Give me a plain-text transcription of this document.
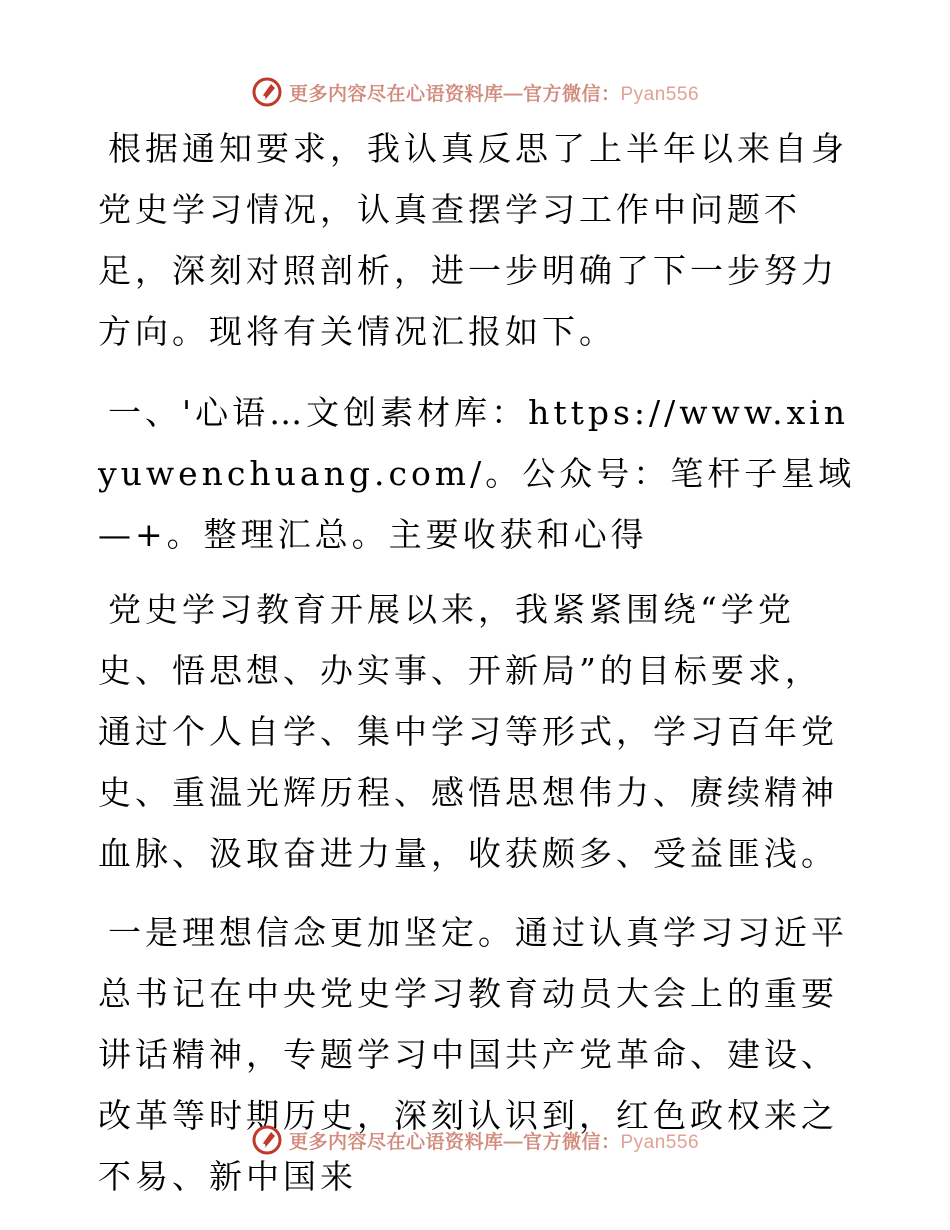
更多内容尽在心语资料库—官方微信：Pyan556

根据通知要求，我认真反思了上半年以来自身党史学习情况，认真查摆学习工作中问题不足，深刻对照剖析，进一步明确了下一步努力方向。现将有关情况汇报如下。

一、'心语…文创素材库：https://www.xinyuwenchuang.com/。公众号：笔杆子星域—+。整理汇总。主要收获和心得

党史学习教育开展以来，我紧紧围绕“学党史、悟思想、办实事、开新局”的目标要求，通过个人自学、集中学习等形式，学习百年党史、重温光辉历程、感悟思想伟力、赓续精神血脉、汲取奋进力量，收获颇多、受益匪浅。

一是理想信念更加坚定。通过认真学习习近平总书记在中央党史学习教育动员大会上的重要讲话精神，专题学习中国共产党革命、建设、改革等时期历史，深刻认识到，红色政权来之不易、新中国来

更多内容尽在心语资料库—官方微信：Pyan556
